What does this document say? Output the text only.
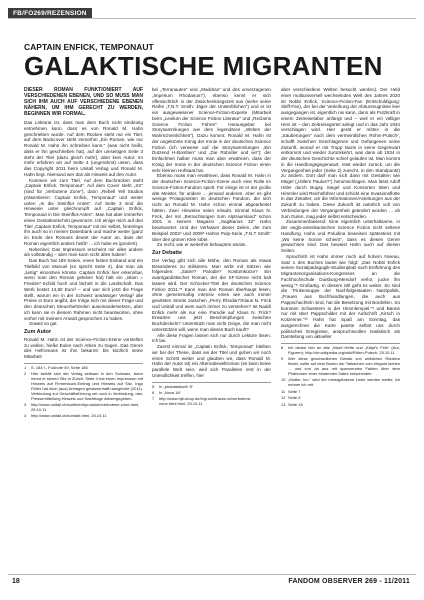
FB/FO269/REZENSION
CAPTAIN ENFICK, TEMPONAUT
GALAKTISCHE MIGRANTEN
DIESER ROMAN FUNKTIONIERT AUF VERSCHIEDENEN EBENEN, UND SO MUSS MAN SICH IHM AUCH AUF VERSCHIEDENE EBENEN NÄHERN, UM IHM GERECHT ZU WERDEN, BEGINNEN WIR FORMAL.

Das Lektorat ist, dass man dem Buch nicht eindeutig entnehmen kann, dass es von Ronald M. Hahn geschrieben wurde. Auf dem Rücken steht nur ein Titel, auf dem Backcover steht immerhin „Ein Roman, wie nur Ronald M. Hahn ihn schreiben kann.“ (was nicht heißt, dass er ihn geschrieben hat), auf der umseitigen Seite 3 steht der Titel (dazu gleich mehr), aber kein Autor. Im mehr erfahren wir auf Seite 4 (ungerahmt) unten, dass das Copyright 2011 beim Unitall Verlag und Ronald M. Hahn liegt. Niemand wer das als Hinweis auf den Autor.

Kommen wir zum Titel. Auf dem Buchrücken steht „Captain Enfick, Temponaut“. Auf dem Cover steht „XX“ (sind für „Verbotene Zone“), dann „Rebell Yell Studios präsentieren: Captain Enfick, Temponaut“ und weiter unten „In die Steinflut Antes“. Auf Seite 3 sind die Hinweise unter gleichrumpft auf „Captain Enfick, Temponaut in Die Steinflut-Anten“. Man hat aber immerhin einen Gestaltentschritt gewonnen. Ich einige mich auf den Titel „Captain Enfick, Temponaut“ mit mir selbst, hinterlege ihn auch so in meiner Datenbank und mache weiter (ganz im Ende des Romans deutet der Autor an, dass der Roman eigentlich anders heißt¹ ... ich habe es ignoriert).

Nebenbei: Das Impressum erscheint mir alles andere als vollständig – aber man kann nicht alles haben².

Das Buch hat 189 Seiten, einen festen Einband und ein Titelbild von Manuel (so spricht Seite 4), das man als „lustig“ einordnen könnte. Captain Enfick hier erkennbar, wenn man den Roman gelesen hat) hält ein „Islam = Frieden“-Schild hoch und lächelt in die Landschaft. Das Werk kostet 14,80 Euro³ – und wer sich jetzt die Frage stellt, warum ein in der Schweiz ansässiger Verlag³ alle Preise in Euro angibt, der möge sich mit dieser Frage und den deutschen Steuerbehörden auseinandersetzen, aber ich kann sie in diesem Rahmen nicht beantworten, ohne vorher mit meinem Anwalt gesprochen zu haben.

Soweit so gut.

Zum Autor

Ronald M. Hahn ist der Science-Fiction-Szene vorstellen zu wollen, hieße Eulen nach Athen zu tragen. Das Genre des Hefromans ist ihm bekannt: bis kürzlich seine Mitarbeit

1	S. 184 f., Fußnote 49, Seite 185
2	Hier behält sich der Verlag seltsam in den Schwarz, Autor nennt er seinen Sitz in Zürich; Seite 4 hat einen Impressum mit Hinweis auf Firmenbuch-Eintrag und Hinweis auf Sitz. Ingo Flöter hat mich (aus) Anfragen gewissenhaft rausgehört (2011). Verbindung zur Geschäftsführung sei noch in Verbindung, das: Pressemitteilung Hinweis und Nachfrage wiedergegeben.
3	http://www.unitall.ch/sortiment/produkte/verbotene-zone.html, 25.10.11
4	http://www.unitall.ch/kontakt.html, 25.10.11

bei „Terranauten“ und „Maddrax“ und des unverzagenen „Imperium Rhodanum“), ebenso kennt er sich offensichtlich in der Zwischenkriegszeit aus (siehe seine Reihe „T.N.T. Smith: Jäger der Unsterblichen“) und er ist ein ausgewiesener Science-Fiction-Experte (Mitarbeit beim „Lexikon der Science Fiction Literatur“ und „Reclams Science Fiction Führer“. Herausgeber bei Storysammlungen wie dem legendären „Welten der Wahrscheinlichkeit“). Dazu kommt: Ronald M. Hahn ist der ungekrönte König der Ironie in der deutschen Science Fiction (ich verweise auf die Storysammlungen „Ein Dutzend H-Bomben“ und „Die Robotler und wir“): der Einfachheit halber muss man aber erwähnen, dass der König der Ironie in der deutschen Science Fiction einen sehr kleinen Hofstaat hat.

Ebenso muss man erwähnen, dass Ronald M. Hahn in der deutschen Science-Fiction-Szene auch eine Rolle im Science-Fiction-Fandom spielt. Für einige ist er der große alte Meister, für andere ... jemand anderes. Aber es gibt wenige Protagonisten im deutschen Fandom, die sich nicht an Ronald M. Hahn schon einmal abgearbeitet hätten. Zwei Hinweise seien erlaubt. Einmal Klaus N. Frick, der mit „Betrachtungen zum Alptraumland“ schon 2001 in seinem Magazin „Sagittarius 32“ Hahn beantwortet. Und der Verfasser dieser Zeilen, der zum Beispiel 2003⁴ und 2009⁵ Hahns Pulp-Serie „T.N.T Smith“ über den grünen Klee lobte.

Zu recht, wie er weiterhin behaupten würde.

Zur Debatte

Der Verlag gibt sich alle Mühe, den Roman als etwas Besonderes zu stilisieren. Man wirbt mit Sätzen wie folgenden: „Satire? Parodie? Kostümkürze? Ein avantgardistischer Roman, der die SF-Szene nicht kalt lassen wird. Der Schocker-Titel der deutschen Science Fiction 2011.“⁶ Kann man den Roman überhaupt lesen, ohne gemeinmaßig intensiv eines wie auch immer gearteten Streits zwischen „Perry Rhodan“/Klaus N. Frick und Unitall und wem auch immer zu verstehen? Ist Naddi Enfick mehr als nur eine Parodie auf Klaus N. Frick? Erwarten uns jetzt Beschimpfungen zwischen Buchdeckeln? Unterstützt man nicht Dinge, die man nicht unterstützen will, wenn man dieses Buch kauft?

Alle diese Fragen lassen sich nur durch Lektüre lösen. Ich las.

Zuerst einmal ist „Captain Enfick, Temponaut“ bleiben wir bei der These, dass sei der Titel und gehen wir noch einen Schritt weiter und glauben wir, dass Ronald M. Hahn der Autor ist) ein Alternativweltroman (es kann keine parallele Welt sein, weil sich Parallelen erst in der Unendlichkeit treffen, hier

5	In „phantastisch! 8“
6	In „Nova 16“
7	http://www.hjb-shop.de/logi.sch/tracks.vz/verbotene-zone.html.html, 25.10.11

aber verschiedene Welten besucht werden). Der Held einer multiuniversell wechselnden Welt des Jahres 2020 ist Nobbi Enfick, Science-Fiction-Fan (Entschuldigung: Skiff-Fan), der bei der Verleihung der Abiturzeugnisse leer ausgegangen ist, eigentlich nix kann, dann als Putzkraft in einem Zeitreiselabor anfängt und – weil er ein völliger Hirni ist – den Zeitreisegürtel anlegt und in das Jahr 1934 verschlagen wird. Hier gerät er mitten in die „Säuberungen“ nach dem vermeintlichen Röhm-Putsch⁷, schafft zwischen Geschlagenen und Gefangenen seine Zukunft, worauf er mit Trupp Nazis in seine Gegenwart entkommt und wieder zurückkehrt, was dann ab 1934 in der deutschen Geschichte schief gelaufen ist. Man kommt in die Handlungsgegenwart, reist wieder zurück, um die Vergangenheit jeder (Seite 2) zurecht, in den Standpunkt) zu ändern. Dort darf man sich dann mit Gestalten wie Mügel („Hitlers Paulus?“) herumschlagen. Man lässt Adolf Hitler durch Bugsy Siegel und Konsorten töten und Himmler wird Reichsführer und schickt eine Invasionsflotte in das Zeitalter, um die Informationen/Anleitungen aus der Zukunft zu haben. Diese Zukunft ist natürlich voll von Verbindungen der Vergangenheit geändert worden ... ob zum Guten, mag jeder selbst entscheiden.

Zusammenfassend: Eine eigentlich unterhaltsame, in der anglo-amerikanischen Science Fiction nicht seltene Handlung. Hahn und Poludina beweisen spätestens mit „Wo keine Sonne scheint“, dass es diesen Genre gewachsen sind. Das beweist Hahn auch auf diesen Seiten.

Sprachlich ist Hahn immer noch auf hohem Niveau. Satz 1 des Buches lautet wie folgt: „Das Nobbi Enfick seinen Sozialpädagogik-Studienplatz nach Entführung des Migrantenorganisations-Kongresses an die Fachhochschule Duisburg-Mendorf verlor, jucke ihn wenig.“⁸ Großartig. In diesem Stil geht es weiter. So sind die Trinkensuppe der Nachfolgestaaten Natzipolitik, „Frauen aus Buchhandlungen, die auch aus Pappschachteln sind, hat die Besetzung mit Bordellen. So kommen Schwestern in der Himmlerspiel.“⁹ und Banne nur mit über Pappschilder mit der Aufschrift „Kirsch in Kotzenner.“¹⁰ Hahn hat Spaß am Sonntag, das ausgerechnet die Karte passte selbst uns durch politisches Ereignisse, anspruchsvollen realistisch als Darstellung von aktueller

8	Ich denke hier an alte „Mast“-Hefte und „Kläpf’n Fels“ (Auf-Figuren): http://de.wikipedia.org/wiki/Röhm-Putsch, 25.10.11
9	Wer diese geschwollenen Details von wirklichen Relation findet, sollte auf dem Boden der Tatsachen vom elegant lachen ... und von da aus mit spannenden Fakten über dem Phänomen einer bindenden Satire entscheiden.
10 „Mutter, Inc.“ wird der meistgelesene Leser werden weiter, ich nehme ich mit.
11 Seite 7
12 Seite 6
13 Seite 15
18	FANDOM OBSERVER 269 - 11/2011
